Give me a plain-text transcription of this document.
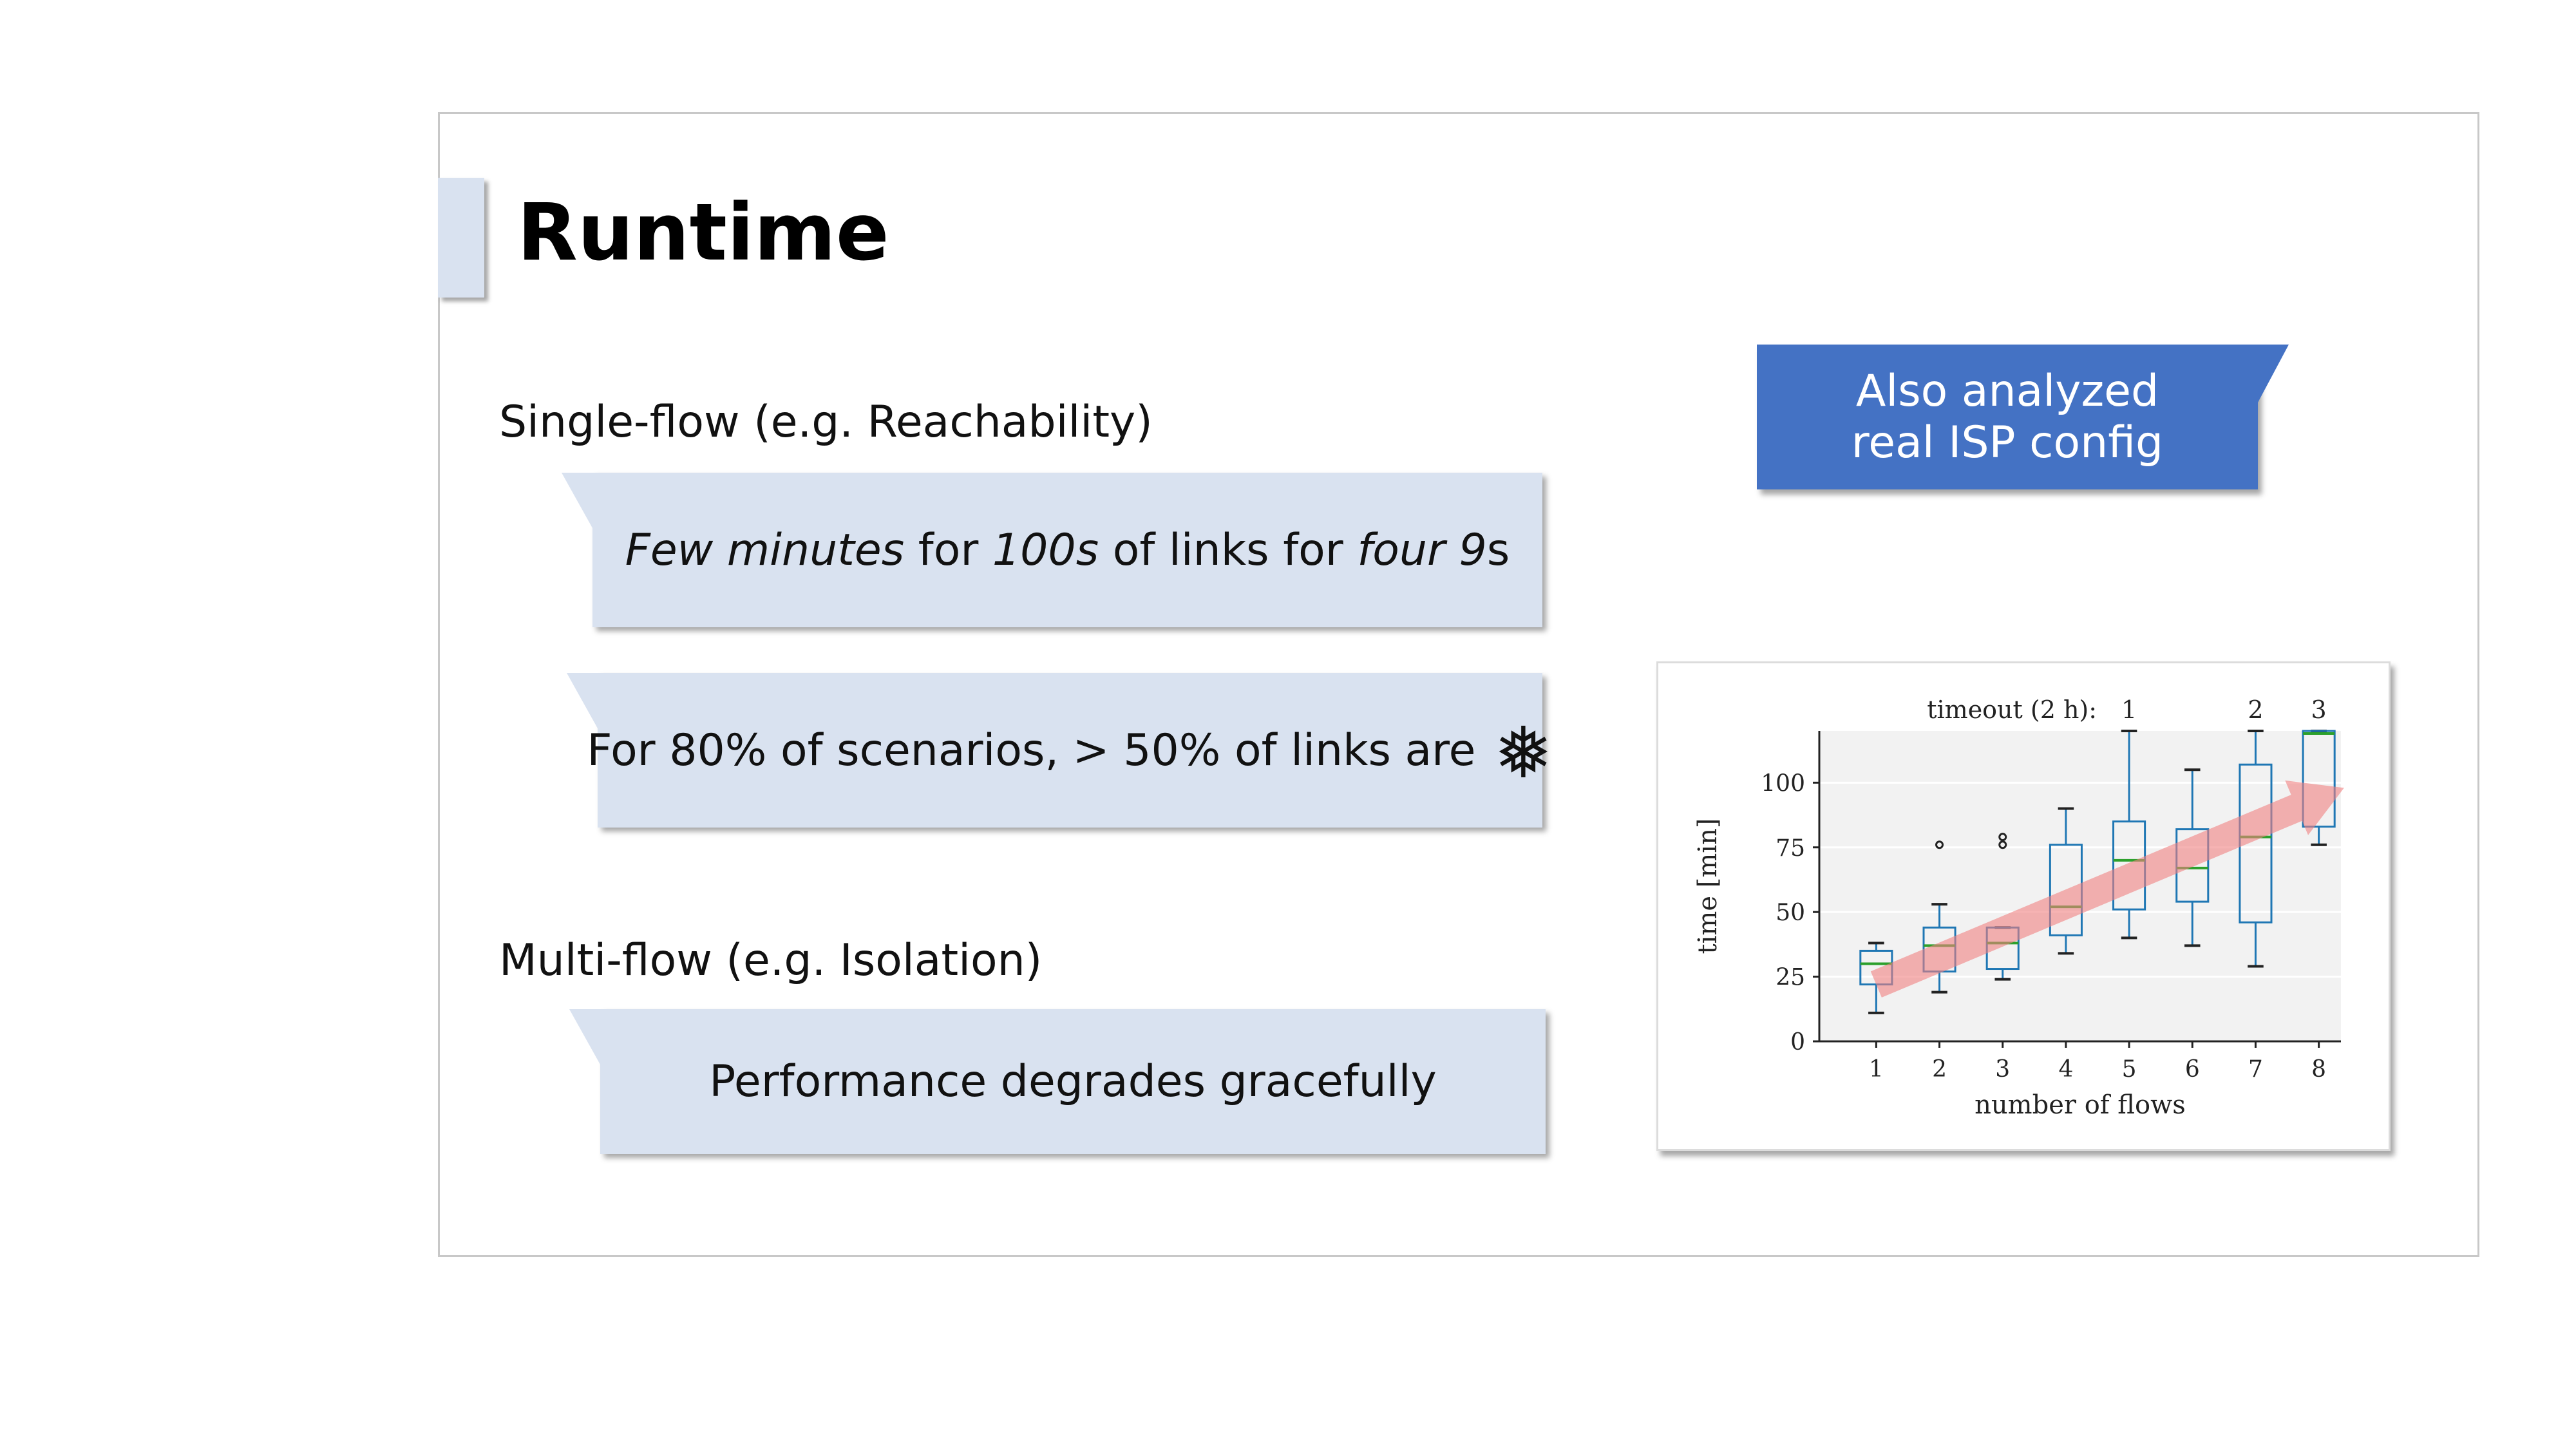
Runtime
Single-flow (e.g. Reachability)
Few minutes for 100s of links for four 9s
For 80% of scenarios, > 50% of links are ❅
Multi-flow (e.g. Isolation)
Performance degrades gracefully
Also analyzed
real ISP config
0
25
50
75
100
1 2 3 4 5 6 7 8
number of flows
time [min]
timeout (2 h): 1	2 3
